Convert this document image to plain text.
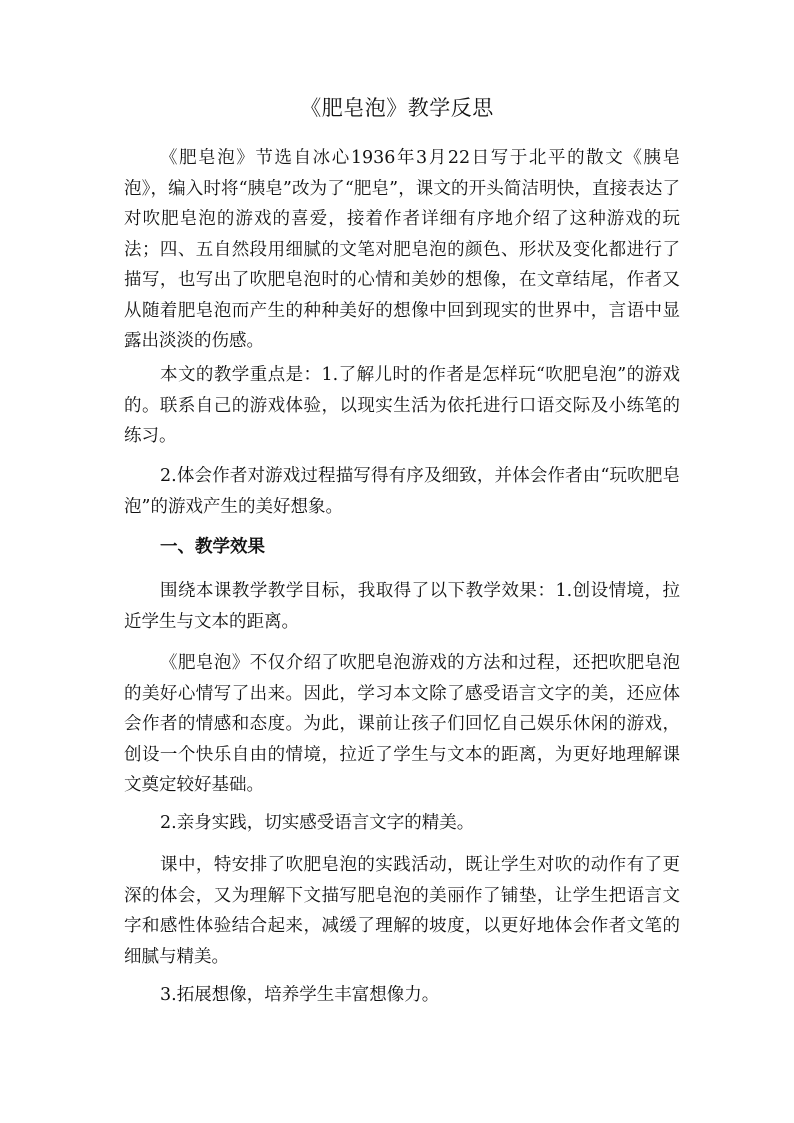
《肥皂泡》教学反思

《肥皂泡》节选自冰心1936年3月22日写于北平的散文《胰皂泡》，编入时将“胰皂”改为了“肥皂”，课文的开头简洁明快，直接表达了对吹肥皂泡的游戏的喜爱，接着作者详细有序地介绍了这种游戏的玩法；四、五自然段用细腻的文笔对肥皂泡的颜色、形状及变化都进行了描写，也写出了吹肥皂泡时的心情和美妙的想像，在文章结尾，作者又从随着肥皂泡而产生的种种美好的想像中回到现实的世界中，言语中显露出淡淡的伤感。

本文的教学重点是：1.了解儿时的作者是怎样玩“吹肥皂泡”的游戏的。联系自己的游戏体验，以现实生活为依托进行口语交际及小练笔的练习。

2.体会作者对游戏过程描写得有序及细致，并体会作者由“玩吹肥皂泡”的游戏产生的美好想象。

一、教学效果

围绕本课教学教学目标，我取得了以下教学效果：1.创设情境，拉近学生与文本的距离。

《肥皂泡》不仅介绍了吹肥皂泡游戏的方法和过程，还把吹肥皂泡的美好心情写了出来。因此，学习本文除了感受语言文字的美，还应体会作者的情感和态度。为此，课前让孩子们回忆自己娱乐休闲的游戏，创设一个快乐自由的情境，拉近了学生与文本的距离，为更好地理解课文奠定较好基础。

2.亲身实践，切实感受语言文字的精美。

课中，特安排了吹肥皂泡的实践活动，既让学生对吹的动作有了更深的体会，又为理解下文描写肥皂泡的美丽作了铺垫，让学生把语言文字和感性体验结合起来，减缓了理解的坡度，以更好地体会作者文笔的细腻与精美。

3.拓展想像，培养学生丰富想像力。
